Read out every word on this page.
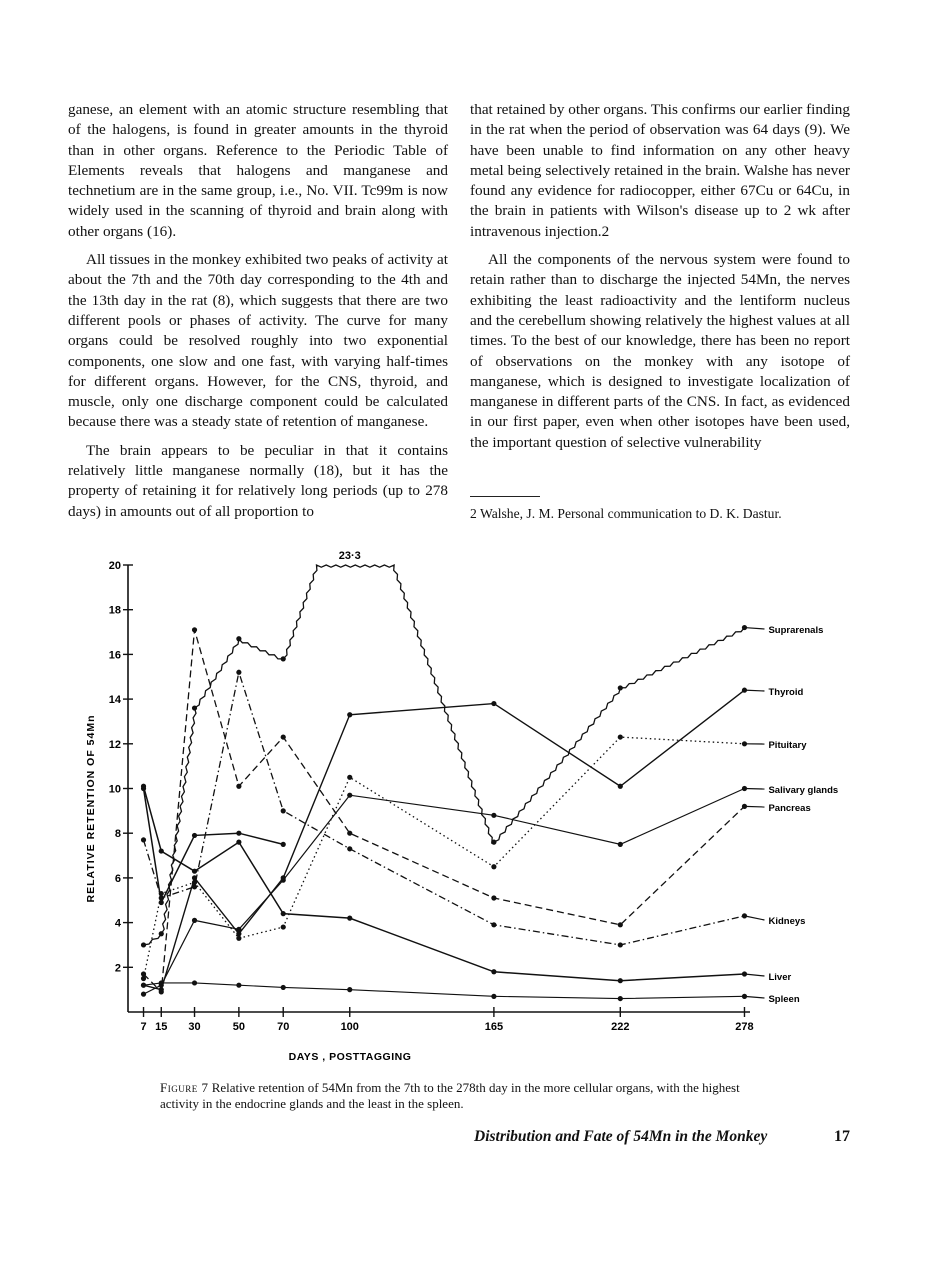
ganese, an element with an atomic structure resembling that of the halogens, is found in greater amounts in the thyroid than in other organs. Reference to the Periodic Table of Elements reveals that halogens and manganese and technetium are in the same group, i.e., No. VII. Tc99m is now widely used in the scanning of thyroid and brain along with other organs (16).

All tissues in the monkey exhibited two peaks of activity at about the 7th and the 70th day corresponding to the 4th and the 13th day in the rat (8), which suggests that there are two different pools or phases of activity. The curve for many organs could be resolved roughly into two exponential components, one slow and one fast, with varying half-times for different organs. However, for the CNS, thyroid, and muscle, only one discharge component could be calculated because there was a steady state of retention of manganese.

The brain appears to be peculiar in that it contains relatively little manganese normally (18), but it has the property of retaining it for relatively long periods (up to 278 days) in amounts out of all proportion to

that retained by other organs. This confirms our earlier finding in the rat when the period of observation was 64 days (9). We have been unable to find information on any other heavy metal being selectively retained in the brain. Walshe has never found any evidence for radiocopper, either 67Cu or 64Cu, in the brain in patients with Wilson's disease up to 2 wk after intravenous injection.2

All the components of the nervous system were found to retain rather than to discharge the injected 54Mn, the nerves exhibiting the least radioactivity and the lentiform nucleus and the cerebellum showing relatively the highest values at all times. To the best of our knowledge, there has been no report of observations on the monkey with any isotope of manganese, which is designed to investigate localization of manganese in different parts of the CNS. In fact, as evidenced in our first paper, even when other isotopes have been used, the important question of selective vulnerability

2 Walshe, J. M. Personal communication to D. K. Dastur.
2
4
6
8
10
12
14
16
18
20
7 15 30	50	70	100	165	222	278
DAYS , POSTTAGGING
RELATIVE RETENTION OF 54Mn
23·3
Suprarenals
Thyroid
Pituitary
Salivary glands
Pancreas
Kidneys
Liver
Spleen
Figure 7 Relative retention of 54Mn from the 7th to the 278th day in the more cellular organs, with the highest activity in the endocrine glands and the least in the spleen.
Distribution and Fate of 54Mn in the Monkey	17
